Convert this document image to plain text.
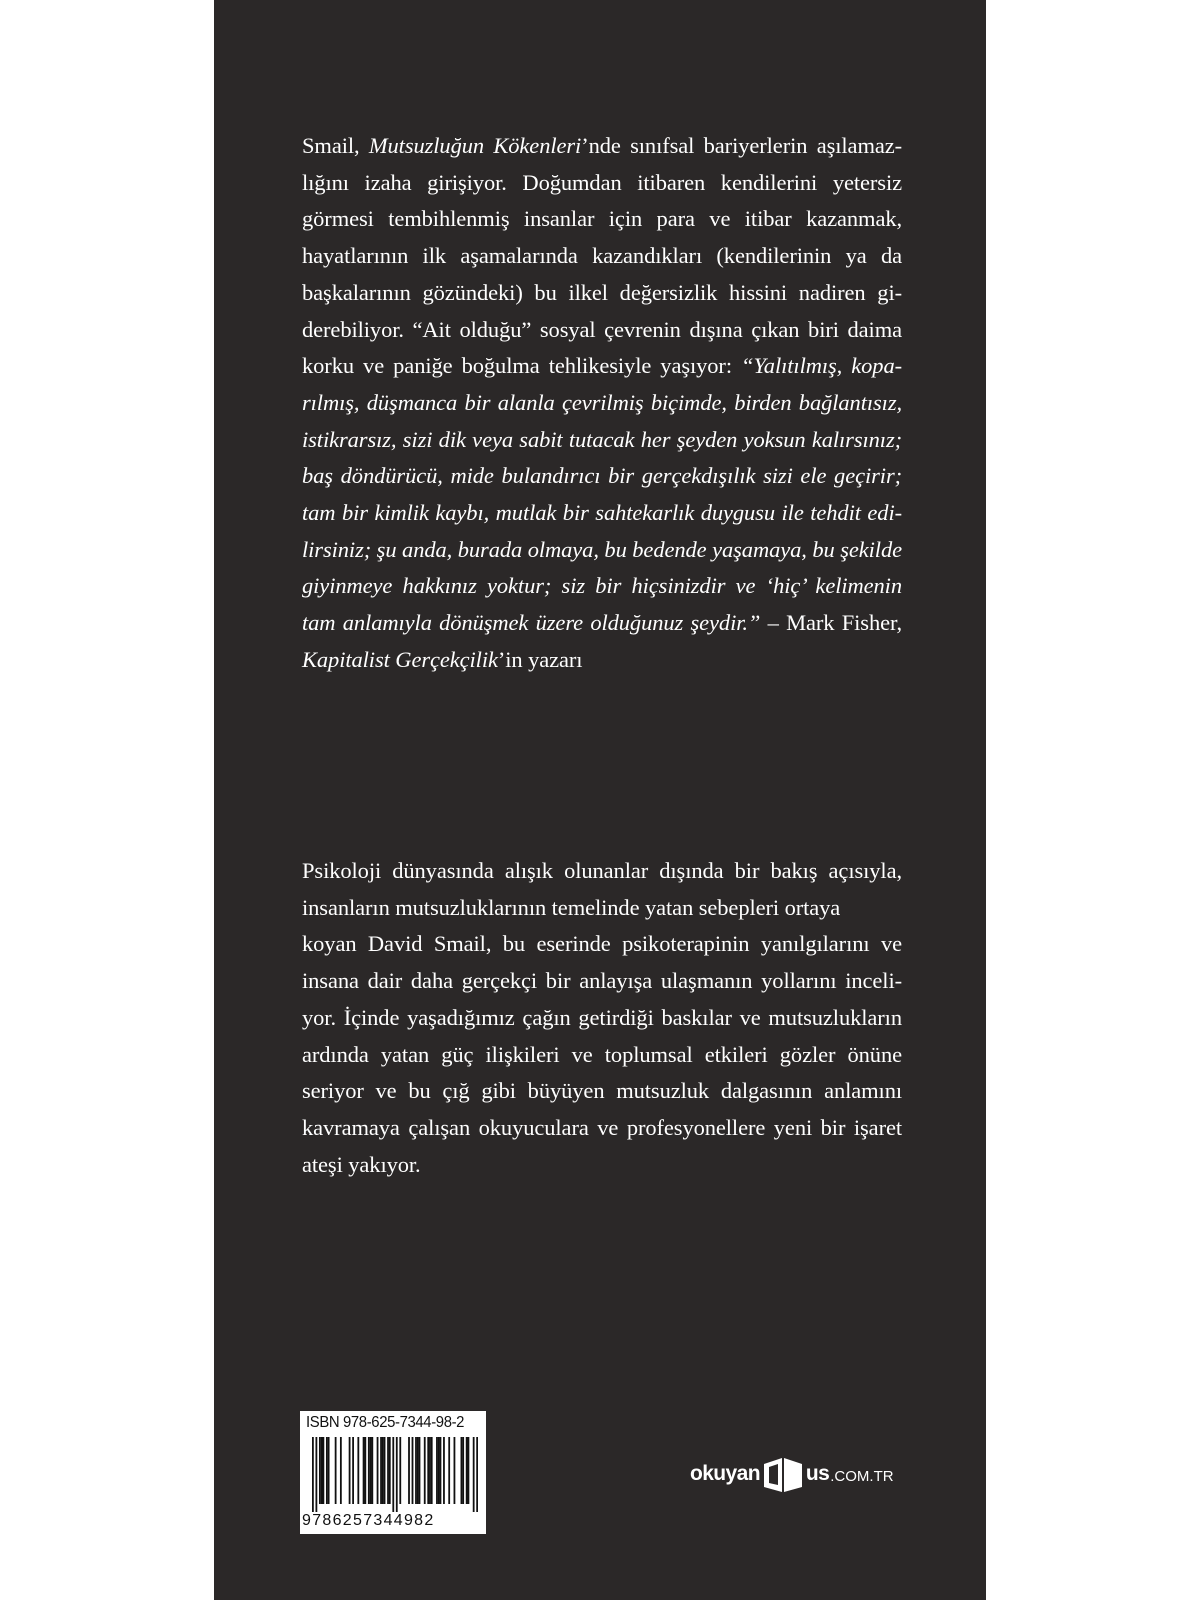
Smail, Mutsuzluğun Kökenleri’nde sınıfsal bariyerlerin aşılamaz-
lığını izaha girişiyor. Doğumdan itibaren kendilerini yetersiz
görmesi tembihlenmiş insanlar için para ve itibar kazanmak,
hayatlarının ilk aşamalarında kazandıkları (kendilerinin ya da
başkalarının gözündeki) bu ilkel değersizlik hissini nadiren gi-
derebiliyor. “Ait olduğu” sosyal çevrenin dışına çıkan biri daima
korku ve paniğe boğulma tehlikesiyle yaşıyor: “Yalıtılmış, kopa-
rılmış, düşmanca bir alanla çevrilmiş biçimde, birden bağlantısız,
istikrarsız, sizi dik veya sabit tutacak her şeyden yoksun kalırsınız;
baş döndürücü, mide bulandırıcı bir gerçekdışılık sizi ele geçirir;
tam bir kimlik kaybı, mutlak bir sahtekarlık duygusu ile tehdit edi-
lirsiniz; şu anda, burada olmaya, bu bedende yaşamaya, bu şekilde
giyinmeye hakkınız yoktur; siz bir hiçsinizdir ve ‘hiç’ kelimenin
tam anlamıyla dönüşmek üzere olduğunuz şeydir.” – Mark Fisher,
Kapitalist Gerçekçilik’in yazarı
Psikoloji dünyasında alışık olunanlar dışında bir bakış açısıyla,
insanların mutsuzluklarının temelinde yatan sebepleri ortaya
koyan David Smail, bu eserinde psikoterapinin yanılgılarını ve
insana dair daha gerçekçi bir anlayışa ulaşmanın yollarını inceli-
yor. İçinde yaşadığımız çağın getirdiği baskılar ve mutsuzlukların
ardında yatan güç ilişkileri ve toplumsal etkileri gözler önüne
seriyor ve bu çığ gibi büyüyen mutsuzluk dalgasının anlamını
kavramaya çalışan okuyuculara ve profesyonellere yeni bir işaret
ateşi yakıyor.
ISBN 978-625-7344-98-2
9786257344982
okuyan us .COM.TR
